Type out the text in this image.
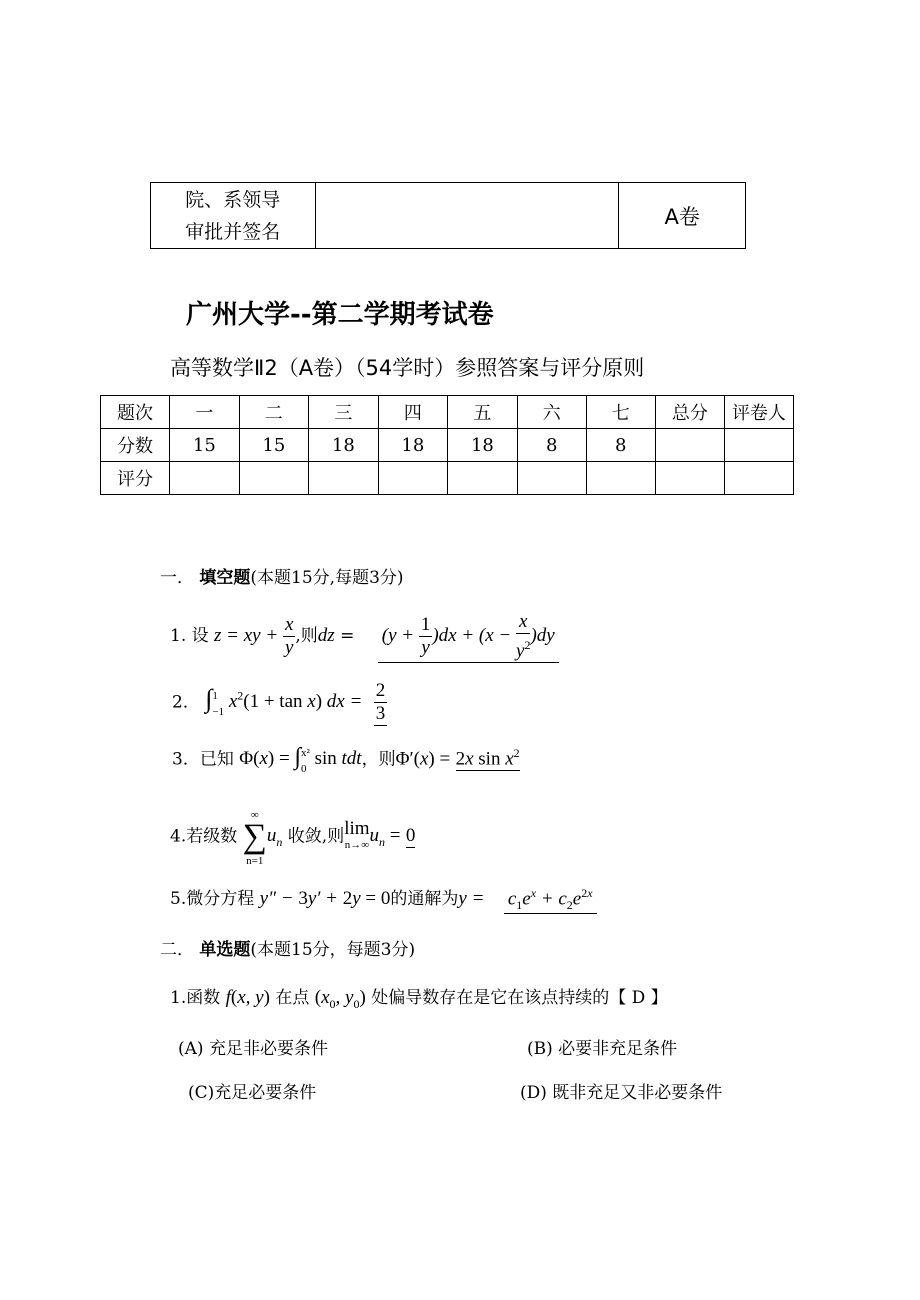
院、系领导
审批并签名
		A卷
广州大学--第二学期考试卷
高等数学Ⅱ2（A卷）（54学时）参照答案与评分原则
题次	一	二	三	四	五	六	七	总分	评卷人
分数	15	15	18	18	18	8	8		
评分									
一． 填空题(本题15分,每题3分)
1. 设 z = xy + $\frac{x}{y}$ ,则dz = $(y + \frac{1}{y} )dx + (x - \frac{x}{y^2} )dy$
2． ∫1
−1 $x^2(1 + \tan x)$ dx = $\frac{2}{3}$
3．已知 Φ(x) = ∫x²
0 sin tdt，则Φ′(x) = 2x $\sin x^2$
4.若级数 ∞
∑
$n=1u_n$ 收敛,则lim
$n\to\infty u_n = 0$
5.微分方程 y″ − 3y′ + 2y = 0的通解为$y = c_1e^x + c_2e^{2x}$
二． 单选题(本题15分，每题3分)
1.函数 f(x, y) 在点 ($x_0$, $y_0$) 处偏导数存在是它在该点持续的【 D 】
(A) 充足非必要条件	(B) 必要非充足条件
(C)充足必要条件	(D) 既非充足又非必要条件
